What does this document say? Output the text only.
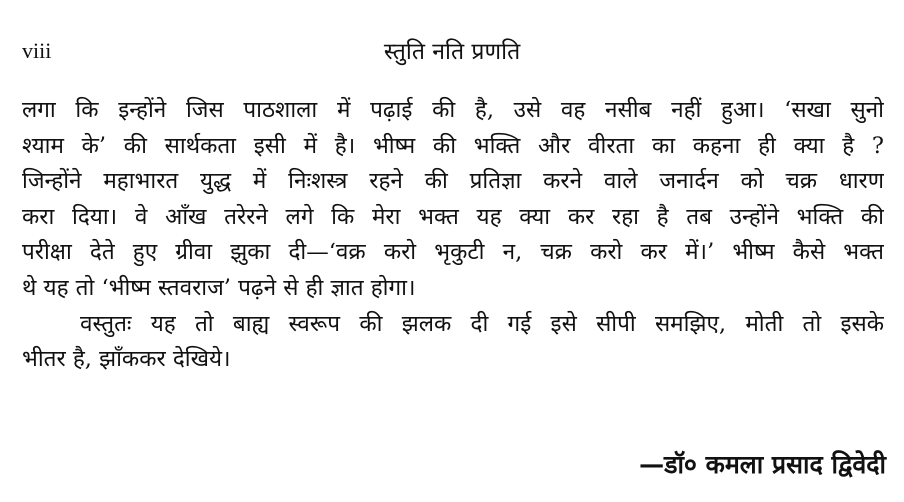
viii	स्तुति नति प्रणति
लगा कि इन्होंने जिस पाठशाला में पढ़ाई की है, उसे वह नसीब नहीं हुआ। ‘सखा सुनो
श्याम के’ की सार्थकता इसी में है। भीष्म की भक्ति और वीरता का कहना ही क्या है ?
जिन्होंने महाभारत युद्ध में निःशस्त्र रहने की प्रतिज्ञा करने वाले जनार्दन को चक्र धारण
करा दिया। वे आँख तरेरने लगे कि मेरा भक्त यह क्या कर रहा है तब उन्होंने भक्ति की
परीक्षा देते हुए ग्रीवा झुका दी—‘वक्र करो भृकुटी न, चक्र करो कर में।’ भीष्म कैसे भक्त
थे यह तो ‘भीष्म स्तवराज’ पढ़ने से ही ज्ञात होगा।
वस्तुतः यह तो बाह्य स्वरूप की झलक दी गई इसे सीपी समझिए, मोती तो इसके
भीतर है, झाँककर देखिये।
—डॉ० कमला प्रसाद द्विवेदी
